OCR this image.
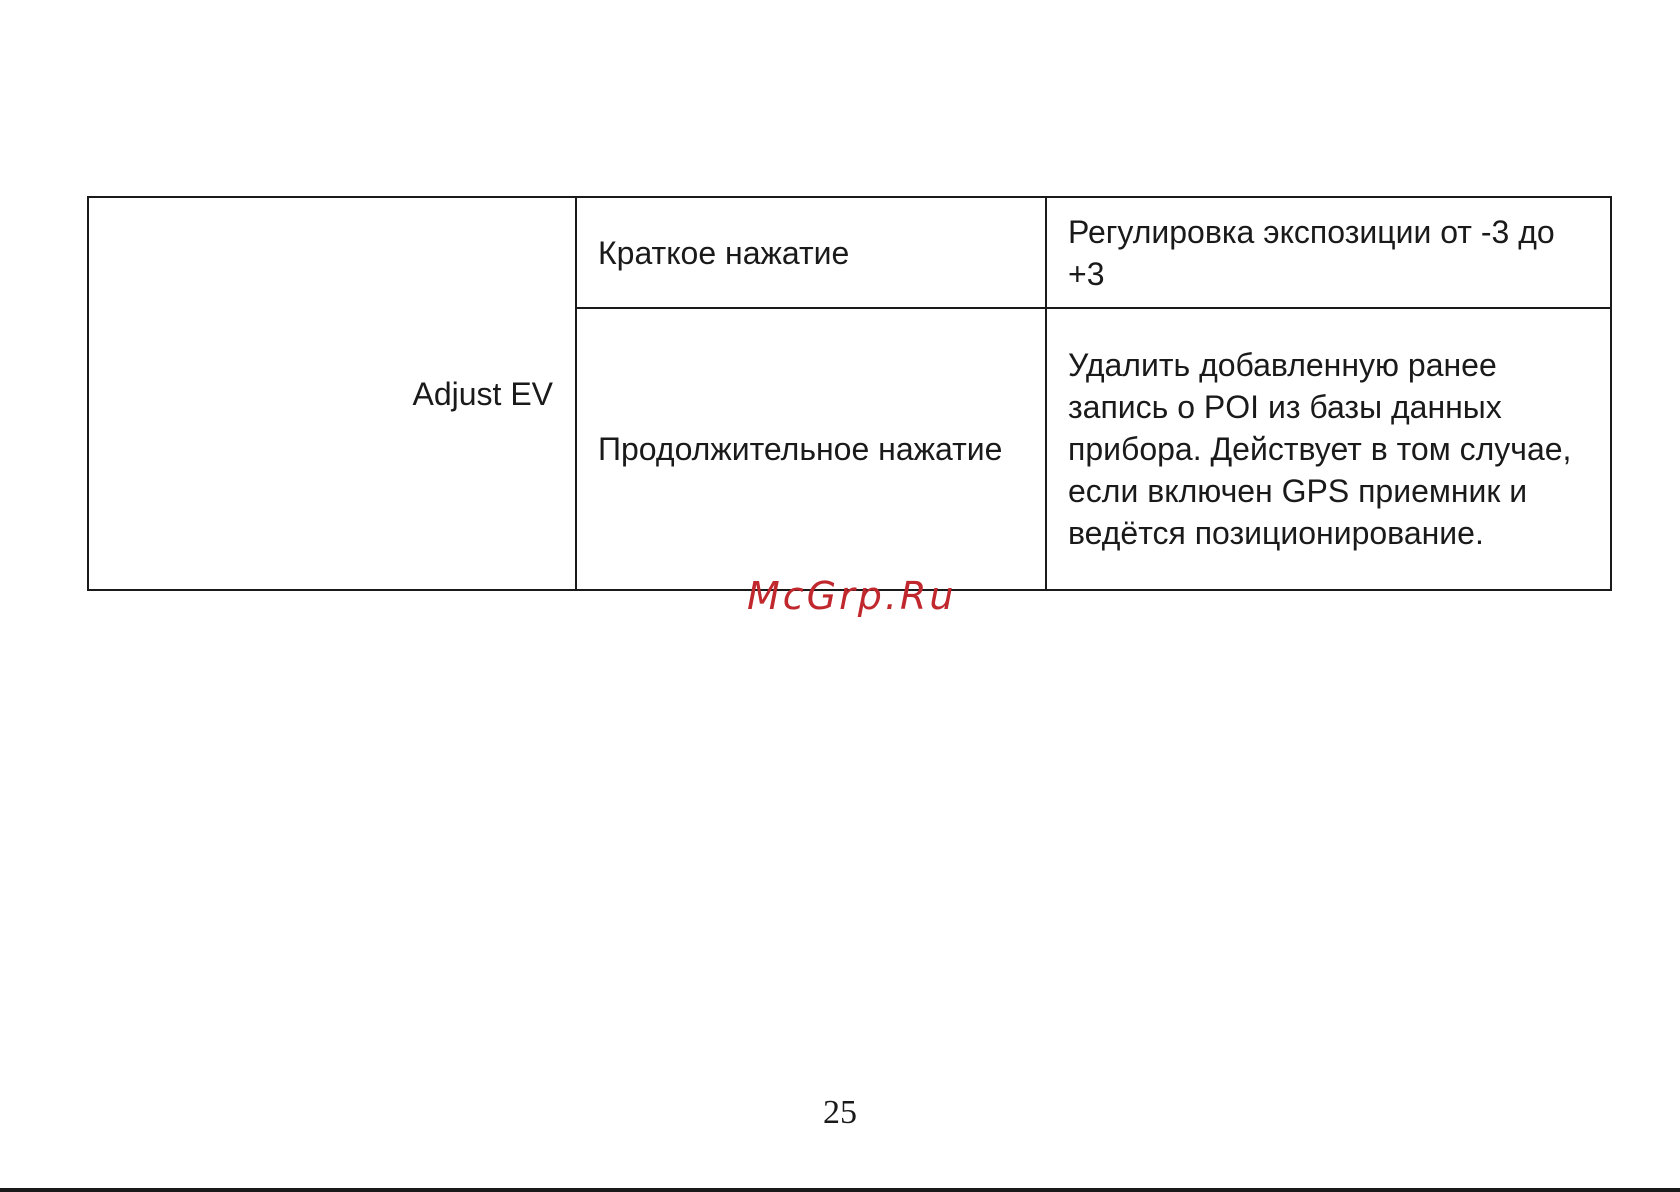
Adjust EV	Краткое нажатие	Регулировка экспозиции от -3 до +3
	Продолжительное нажатие	Удалить добавленную ранее запись о POI из базы данных прибора. Действует в том случае, если включен GPS приемник и ведётся позиционирование.
McGrp.Ru
25
